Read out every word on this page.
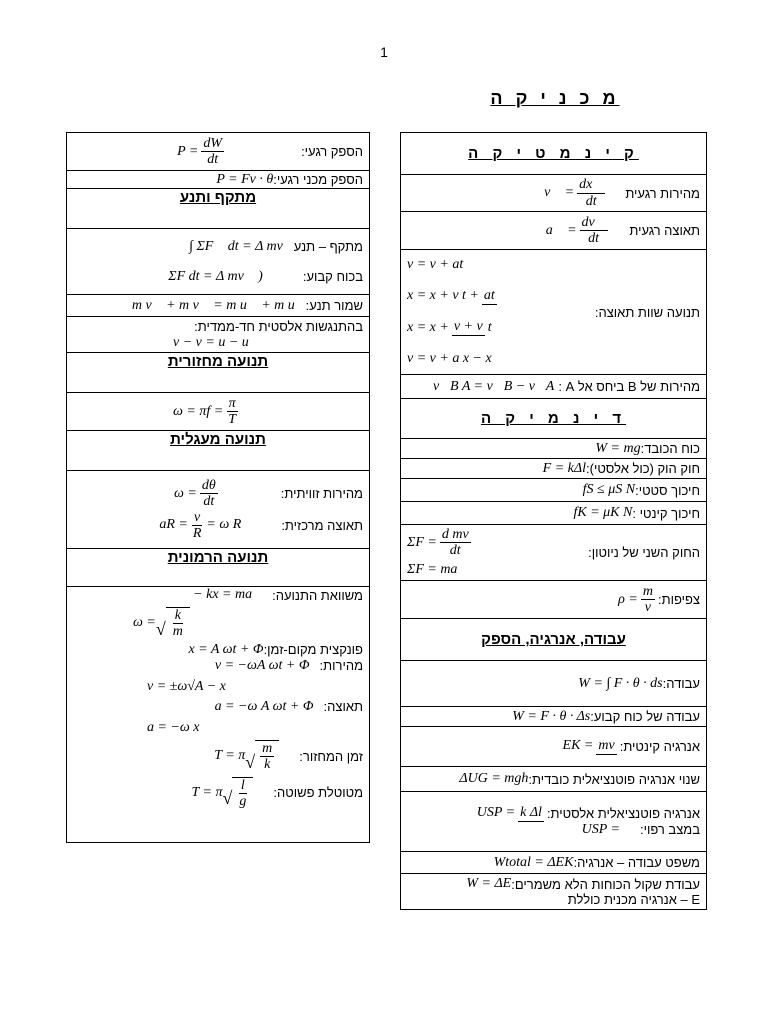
1
מ כ נ י ק ה
ק י נ מ ט י ק ה

מהירות רגעית
v⃗ = $\frac{dx⃗}{dt}$

תאוצה רגעית
a⃗ = $\frac{dv⃗}{dt}$

תנועה שוות תאוצה:
v = v + at
x = x + v t + at
x = x + v + v t
v = v + a x − x

מהירות של B ביחס אל A :
v⃗B A = v⃗B − v⃗A

ד י נ מ י ק ה

כוח הכובד:
W = mg

חוק הוק (כול אלסטי):
F = kΔl

חיכוך סטטי:
fS ≤ μS N

חיכוך קינטי :
fK = μK N

החוק השני של ניוטון:
$\Sigma F = \frac{\text{d mv}}{dt}$
ΣF = ma⃗

צפיפות:
$\rho = \frac{m}{v}$

עבודה, אנרגיה, הספק

עבודה:
W = ∫ F · θ · ds

עבודה של כוח קבוע:
W = F · θ · Δs

אנרגיה קינטית:
EK = mv

שנוי אנרגיה פוטנציאלית כובדית:
ΔUG = mgh

אנרגיה פוטנציאלית אלסטית:
USP = k Δl
במצב רפוי:
USP =

משפט עבודה – אנרגיה:
Wtotal = ΔEK

עבודת שקול הכוחות הלא משמרים:
W = ΔE
E – אנרגיה מכנית כוללת
הספק רגעי:
$P = \frac{dW}{dt}$

הספק מכני רגעי:
P = Fv · θ

מתקף ותנע

מתקף – תנע
∫ ΣF⃗ dt = Δ mv⃗
בכוח קבוע:
ΣF dt = Δ mv⃗ )

שמור תנע:
m v⃗ + m v⃗ = m u⃗ + m u⃗

בהתנגשות אלסטית חד-ממדית:
v − v = u − u

תנועה מחזורית

$\omega = \pi f = \frac{\pi}{T}$

תנועה מעגלית

מהירות זוויתית:
$\omega = \frac{d\theta}{dt}$
תאוצה מרכזית:
aR = $\frac{v}{R} = \omega$ R

תנועה הרמונית

משוואת התנועה:
− kx = ma
ω = √ $\frac{k}{m}$
פונקצית מקום-זמן:
x = A ωt + Φ
מהירות:
v = −ωA ωt + Φ
v = ±ω√A − x
תאוצה:
a = −ω A ωt + Φ
a = −ω x
זמן המחזור:
T = π √ $\frac{m}{k}$
מטוטלת פשוטה:
T = π √ $\frac{l}{g}$
